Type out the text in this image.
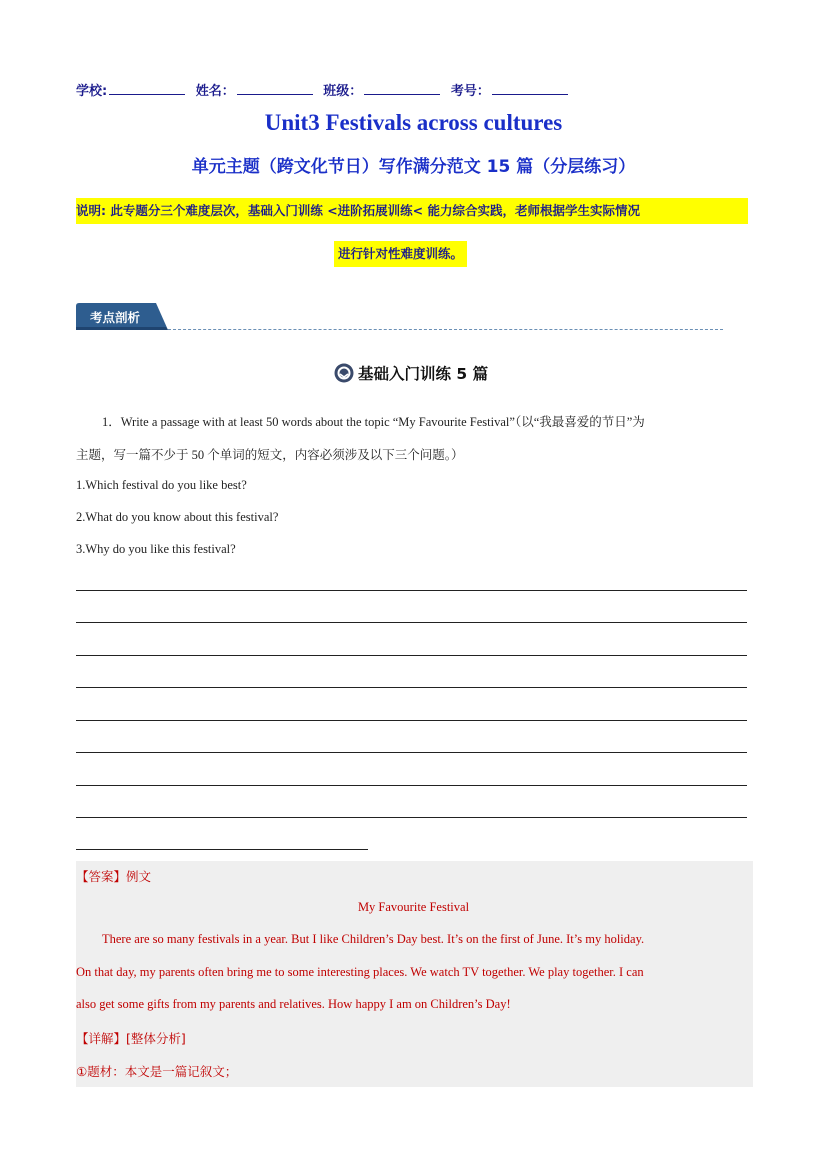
学校:	姓名：	班级：	考号：
Unit3 Festivals across cultures
单元主题（跨文化节日）写作满分范文 15 篇（分层练习）
说明: 此专题分三个难度层次，基础入门训练 <进阶拓展训练< 能力综合实践，老师根据学生实际情况
进行针对性难度训练。
考点剖析
基础入门训练 5 篇
1．Write a passage with at least 50 words about the topic “My Favourite Festival”（以“我最喜爱的节日”为
主题，写一篇不少于 50 个单词的短文，内容必须涉及以下三个问题。）
1.Which festival do you like best?
2.What do you know about this festival?
3.Why do you like this festival?
【答案】例文
My Favourite Festival
There are so many festivals in a year. But I like Children’s Day best. It’s on the first of June. It’s my holiday.
On that day, my parents often bring me to some interesting places. We watch TV together. We play together. I can
also get some gifts from my parents and relatives. How happy I am on Children’s Day!
【详解】[整体分析]
①题材：本文是一篇记叙文；
